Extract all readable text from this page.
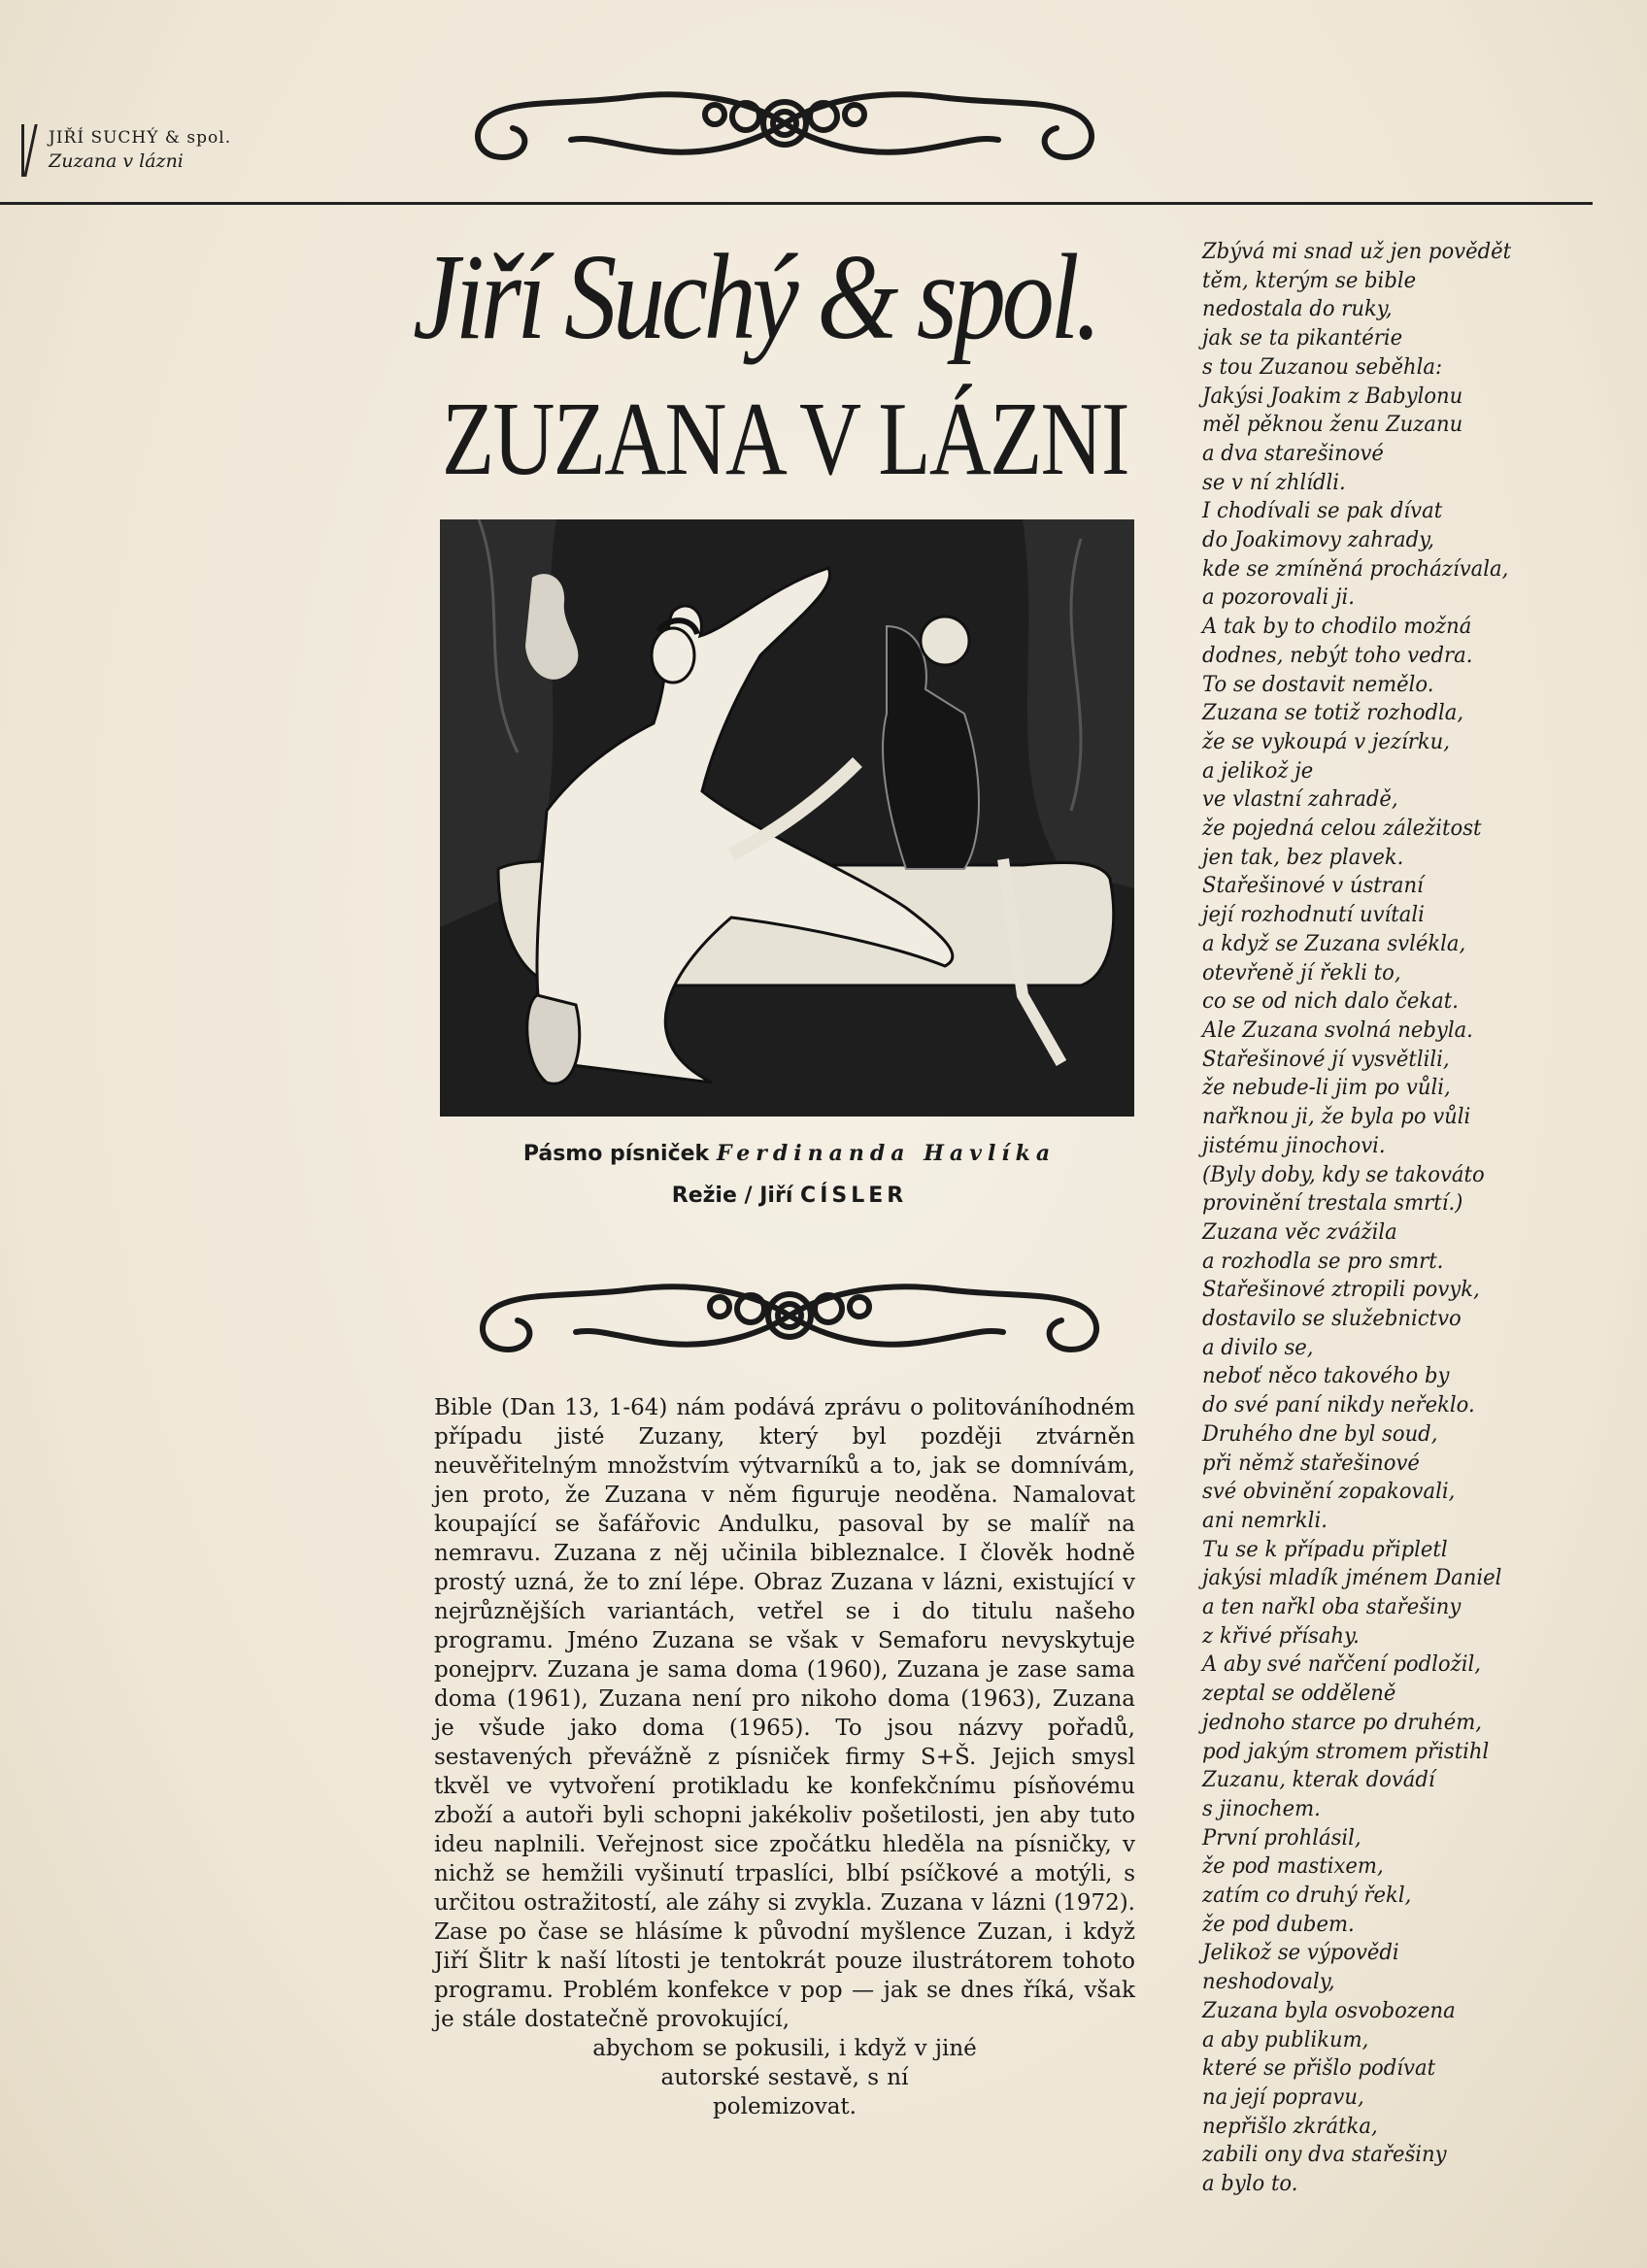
JIŘÍ SUCHÝ & spol.
Zuzana v lázni
Jiří Suchý & spol.
ZUZANA V LÁZNI
Pásmo písniček Ferdinanda Havlíka
Režie / Jiří CÍSLER

Bible (Dan 13, 1-64) nám podává zprávu o politováníhodném případu jisté Zuzany, který byl později ztvárněn neuvěřitelným množstvím výtvarníků a to, jak se domnívám, jen proto, že Zuzana v něm figuruje neoděna. Namalovat koupající se šafářovic Andulku, pasoval by se malíř na nemravu. Zuzana z něj učinila bibleznalce. I člověk hodně prostý uzná, že to zní lépe. Obraz Zuzana v lázni, existující v nejrůznějších variantách, vetřel se i do titulu našeho programu. Jméno Zuzana se však v Semaforu nevyskytuje ponejprv. Zuzana je sama doma (1960), Zuzana je zase sama doma (1961), Zuzana není pro nikoho doma (1963), Zuzana je všude jako doma (1965). To jsou názvy pořadů, sestavených převážně z písniček firmy S+Š. Jejich smysl tkvěl ve vytvoření protikladu ke konfekčnímu písňovému zboží a autoři byli schopni jakékoliv pošetilosti, jen aby tuto ideu naplnili. Veřejnost sice zpočátku hleděla na písničky, v nichž se hemžili vyšinutí trpaslíci, blbí psíčkové a motýli, s určitou ostražitostí, ale záhy si zvykla. Zuzana v lázni (1972). Zase po čase se hlásíme k původní myšlence Zuzan, i když Jiří Šlitr k naší lítosti je tentokrát pouze ilustrátorem tohoto programu. Problém konfekce v pop — jak se dnes říká, však je stále dostatečně provokující,

abychom se pokusili, i když v jiné

autorské sestavě, s ní

polemizovat.

Zbývá mi snad už jen povědět
těm, kterým se bible
nedostala do ruky,
jak se ta pikantérie
s tou Zuzanou seběhla:
Jakýsi Joakim z Babylonu
měl pěknou ženu Zuzanu
a dva starešinové
se v ní zhlídli.
I chodívali se pak dívat
do Joakimovy zahrady,
kde se zmíněná procházívala,
a pozorovali ji.
A tak by to chodilo možná
dodnes, nebýt toho vedra.
To se dostavit nemělo.
Zuzana se totiž rozhodla,
že se vykoupá v jezírku,
a jelikož je
ve vlastní zahradě,
že pojedná celou záležitost
jen tak, bez plavek.
Stařešinové v ústraní
její rozhodnutí uvítali
a když se Zuzana svlékla,
otevřeně jí řekli to,
co se od nich dalo čekat.
Ale Zuzana svolná nebyla.
Stařešinové jí vysvětlili,
že nebude-li jim po vůli,
nařknou ji, že byla po vůli
jistému jinochovi.
(Byly doby, kdy se takováto
provinění trestala smrtí.)
Zuzana věc zvážila
a rozhodla se pro smrt.
Stařešinové ztropili povyk,
dostavilo se služebnictvo
a divilo se,
neboť něco takového by
do své paní nikdy neřeklo.
Druhého dne byl soud,
při němž stařešinové
své obvinění zopakovali,
ani nemrkli.
Tu se k případu připletl
jakýsi mladík jménem Daniel
a ten nařkl oba stařešiny
z křivé přísahy.
A aby své nařčení podložil,
zeptal se odděleně
jednoho starce po druhém,
pod jakým stromem přistihl
Zuzanu, kterak dovádí
s jinochem.
První prohlásil,
že pod mastixem,
zatím co druhý řekl,
že pod dubem.
Jelikož se výpovědi
neshodovaly,
Zuzana byla osvobozena
a aby publikum,
které se přišlo podívat
na její popravu,
nepřišlo zkrátka,
zabili ony dva stařešiny
a bylo to.
